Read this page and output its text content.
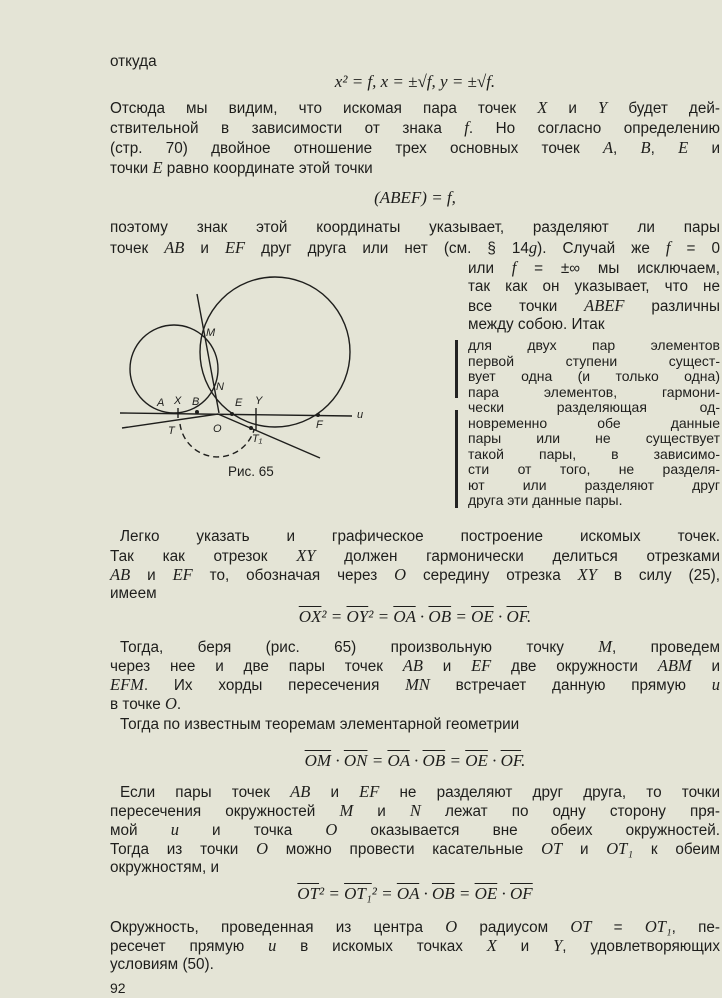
откуда
Отсюда мы видим, что искомая пара точек X и Y будет дей-
ствительной в зависимости от знака f. Но согласно определению
(стр. 70) двойное отношение трех основных точек A, B, E и
точки E равно координате этой точки
поэтому знак этой координаты указывает, разделяют ли пары
точек AB и EF друг друга или нет (см. § 14g). Случай же f = 0
или f = ±∞ мы исключаем,
так как он указывает, что не
все точки ABEF различны
между собою. Итак
для двух пар элементов
первой ступени сущест-
вует одна (и только одна)
пара элементов, гармони-
чески разделяющая од-
новременно обе данные
пары или не существует
такой пары, в зависимо-
сти от того, не разделя-
ют или разделяют друг
друга эти данные пары.
Легко указать и графическое построение искомых точек.
Так как отрезок XY должен гармонически делиться отрезками
AB и EF то, обозначая через O середину отрезка XY в силу (25),
имеем
Тогда, беря (рис. 65) произвольную точку M, проведем
через нее и две пары точек AB и EF две окружности ABM и
EFM. Их хорды пересечения MN встречает данную прямую u
в точке O.
Тогда по известным теоремам элементарной геометрии
Если пары точек AB и EF не разделяют друг друга, то точки
пересечения окружностей M и N лежат по одну сторону пря-
мой u и точка O оказывается вне обеих окружностей.
Тогда из точки O можно провести касательные OT и OT₁ к обеим
окружностям, и
Окружность, проведенная из центра O радиусом OT = OT₁, пе-
ресечет прямую u в искомых точках X и Y, удовлетворяющих
условиям (50).
x² = f, x = ±√f, y = ±√f.
(ABEF) = f,
$\overline{OX}^2 = \overline{OY}^2 = \overline{OA} \cdot \overline{OB} = \overline{OE} \cdot \overline{OF}$.
$\overline{OM} \cdot \overline{ON} = \overline{OA} \cdot \overline{OB} = \overline{OE} \cdot \overline{OF}$.
$\overline{OT}^2 = OT_1^2 = \overline{OA} \cdot \overline{OB} = \overline{OE} \cdot \overline{OF}$
A X B
N
E Y
M
T	O
T₁
F
u
Рис. 65
92
